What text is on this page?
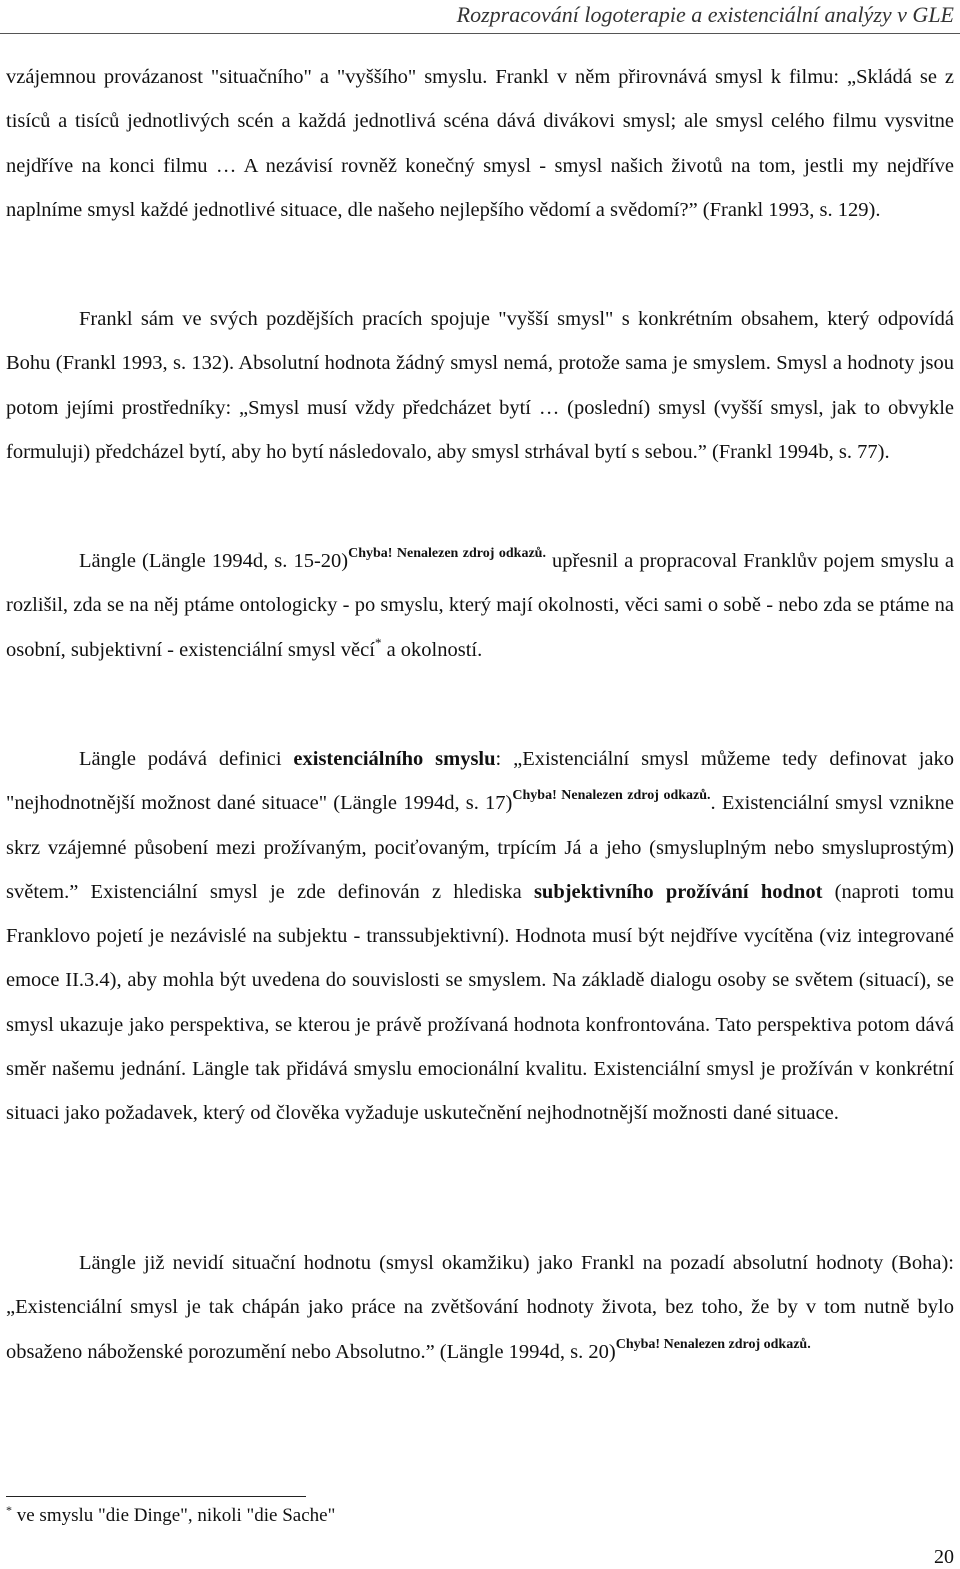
Rozpracování logoterapie a existenciální analýzy v GLE

vzájemnou provázanost "situačního" a "vyššího" smyslu. Frankl v něm přirovnává smysl k filmu: „Skládá se z tisíců a tisíců jednotlivých scén a každá jednotlivá scéna dává divákovi smysl; ale smysl celého filmu vysvitne nejdříve na konci filmu … A nezávisí rovněž konečný smysl - smysl našich životů na tom, jestli my nejdříve naplníme smysl každé jednotlivé situace, dle našeho nejlepšího vědomí a svědomí?” (Frankl 1993, s. 129).

Frankl sám ve svých pozdějších pracích spojuje "vyšší smysl" s konkrétním obsahem, který odpovídá Bohu (Frankl 1993, s. 132). Absolutní hodnota žádný smysl nemá, protože sama je smyslem. Smysl a hodnoty jsou potom jejími prostředníky: „Smysl musí vždy předcházet bytí … (poslední) smysl (vyšší smysl, jak to obvykle formuluji) předcházel bytí, aby ho bytí následovalo, aby smysl strhával bytí s sebou.” (Frankl 1994b, s. 77).

Längle (Längle 1994d, s. 15-20)$^{Chyba! Nenalezen zdroj odkazů.}$ upřesnil a propracoval Franklův pojem smyslu a rozlišil, zda se na něj ptáme ontologicky - po smyslu, který mají okolnosti, věci sami o sobě - nebo zda se ptáme na osobní, subjektivní - existenciální smysl věcí* a okolností.

Längle podává definici existenciálního smyslu: „Existenciální smysl můžeme tedy definovat jako "nejhodnotnější možnost dané situace" (Längle 1994d, s. 17)$^{Chyba! Nenalezen zdroj odkazů.}$. Existenciální smysl vznikne skrz vzájemné působení mezi prožívaným, pociťovaným, trpícím Já a jeho (smysluplným nebo smysluprostým) světem.” Existenciální smysl je zde definován z hlediska subjektivního prožívání hodnot (naproti tomu Franklovo pojetí je nezávislé na subjektu - transsubjektivní). Hodnota musí být nejdříve vycítěna (viz integrované emoce II.3.4), aby mohla být uvedena do souvislosti se smyslem. Na základě dialogu osoby se světem (situací), se smysl ukazuje jako perspektiva, se kterou je právě prožívaná hodnota konfrontována. Tato perspektiva potom dává směr našemu jednání. Längle tak přidává smyslu emocionální kvalitu. Existenciální smysl je prožíván v konkrétní situaci jako požadavek, který od člověka vyžaduje uskutečnění nejhodnotnější možnosti dané situace.

Längle již nevidí situační hodnotu (smysl okamžiku) jako Frankl na pozadí absolutní hodnoty (Boha): „Existenciální smysl je tak chápán jako práce na zvětšování hodnoty života, bez toho, že by v tom nutně bylo obsaženo náboženské porozumění nebo Absolutno.” (Längle 1994d, s. 20)$^{Chyba! Nenalezen zdroj odkazů.}$

* ve smyslu "die Dinge", nikoli "die Sache"
20
